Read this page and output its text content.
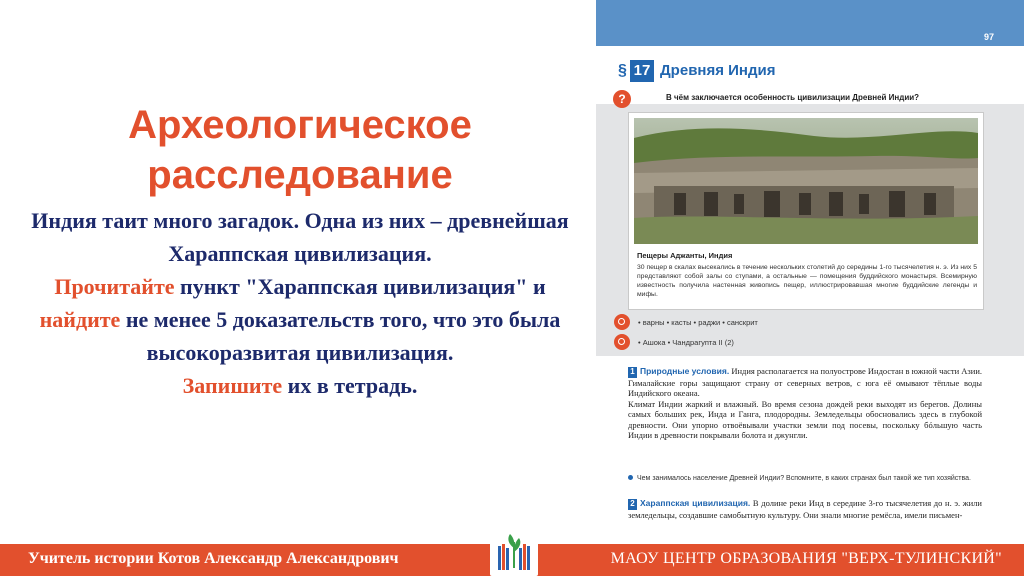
Археологическое
расследование

Индия таит много загадок. Одна из них – древнейшая Хараппская цивилизация.
Прочитайте пункт "Хараппская цивилизация" и найдите не менее 5 доказательств того, что это была высокоразвитая цивилизация.
Запишите их в тетрадь.

97
§ 17 Древняя Индия
?	В чём заключается особенность цивилизации Древней Индии?
Пещеры Аджанты, Индия
30 пещер в скалах высекались в течение нескольких столетий до середины 1-го тысячелетия н. э. Из них 5 представляют собой залы со ступами, а остальные — помещения буддийского монастыря. Всемирную известность получила настенная живопись пещер, иллюстрировавшая многие буддийские легенды и мифы.
• варны • касты • раджи • санскрит
• Ашока • Чандрагупта II (2)
1 Природные условия. Индия располагается на полуострове Индостан в южной части Азии. Гималайские горы защищают страну от северных ветров, с юга её омывают тёплые воды Индийского океана.
Климат Индии жаркий и влажный. Во время сезона дождей реки выходят из берегов. Долины самых больших рек, Инда и Ганга, плодородны. Земледельцы обосновались здесь в глубокой древности. Они упорно отвоёвывали участки земли под посевы, поскольку бóльшую часть Индии в древности покрывали болота и джунгли.
Чем занималось население Древней Индии? Вспомните, в каких странах был такой же тип хозяйства.
2 Хараппская цивилизация. В долине реки Инд в середине 3-го тысячелетия до н. э. жили земледельцы, создавшие самобытную культуру. Они знали многие ремёсла, имели письмен-
Учитель истории Котов Александр Александрович	МАОУ ЦЕНТР ОБРАЗОВАНИЯ "ВЕРХ-ТУЛИНСКИЙ"
